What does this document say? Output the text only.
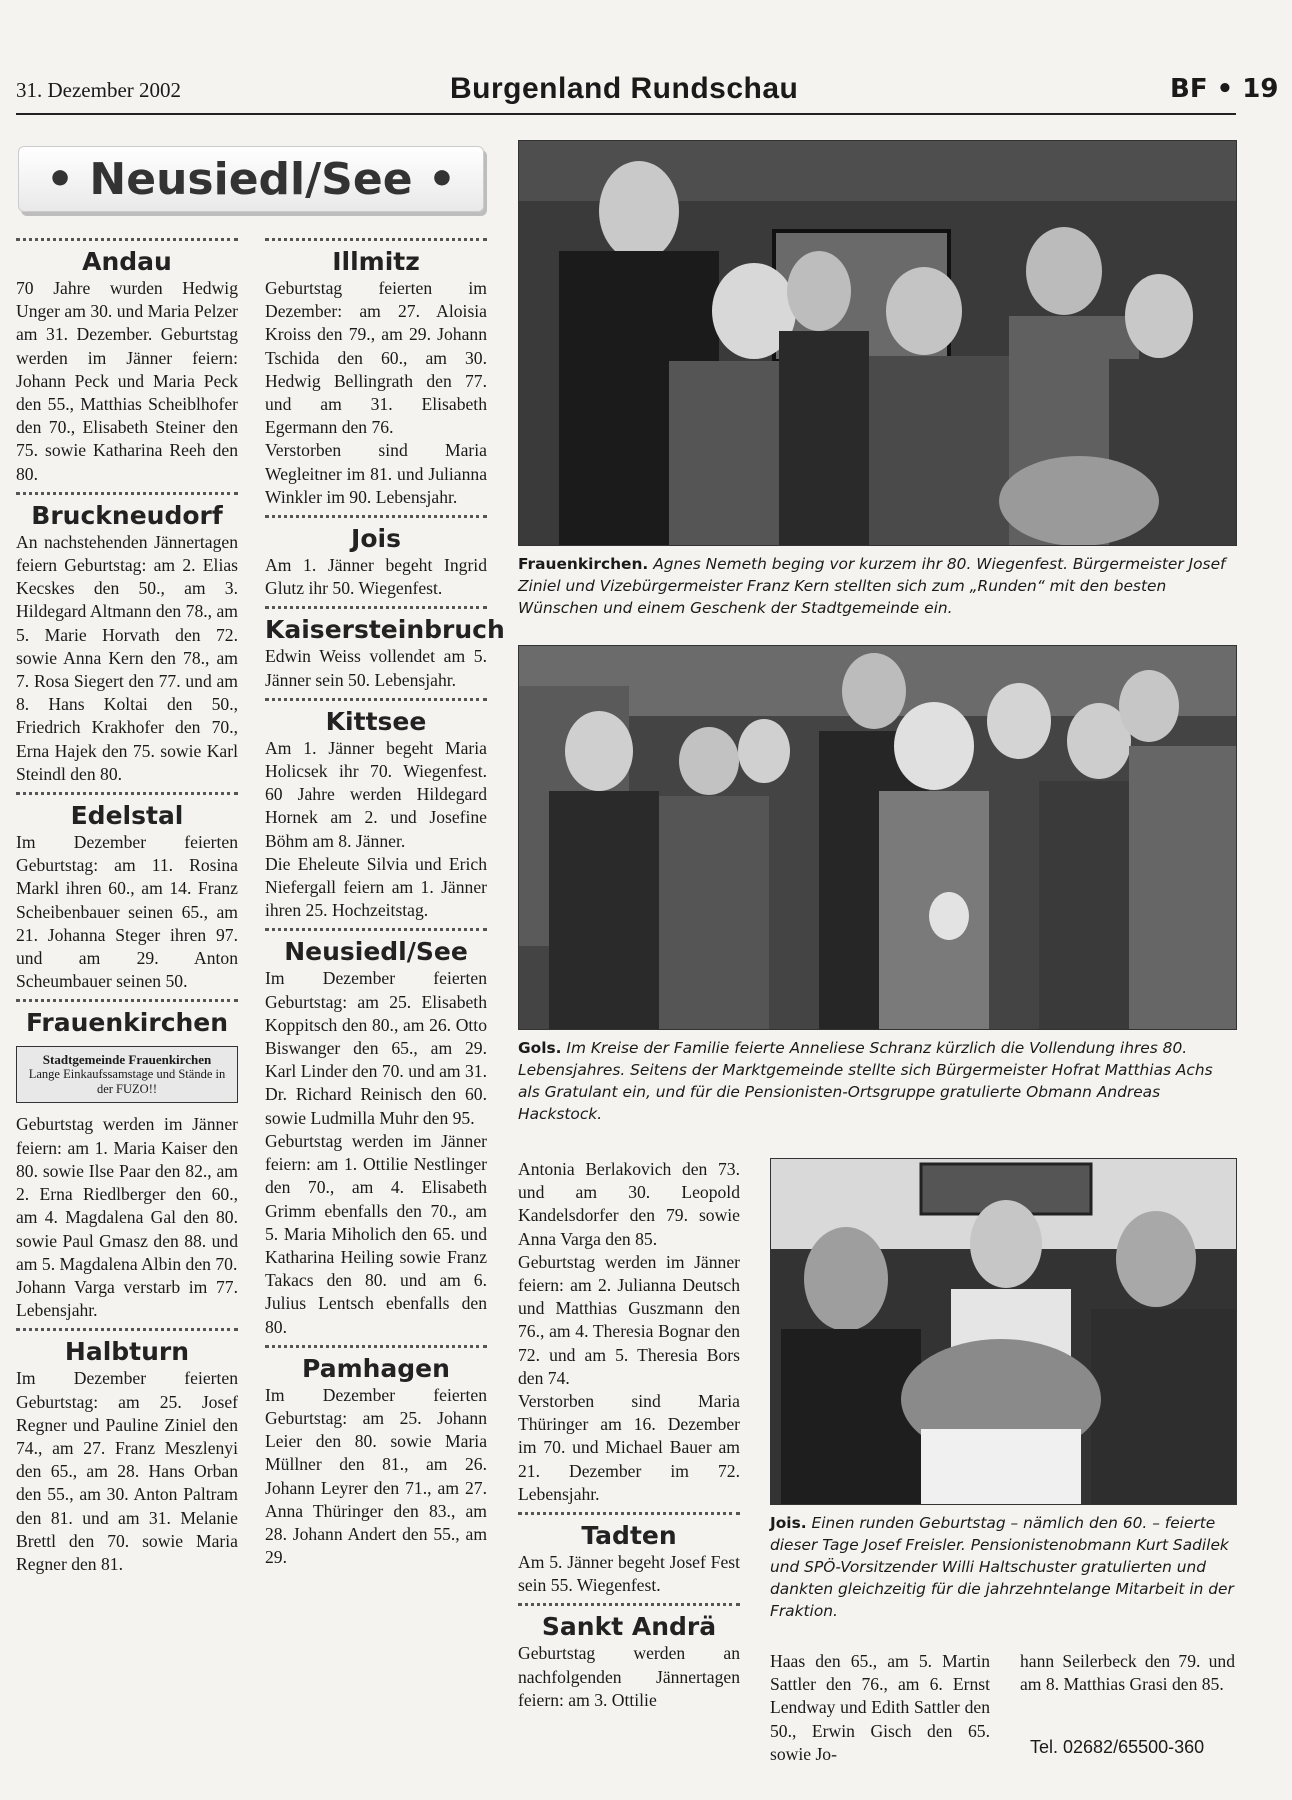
31. Dezember 2002	Burgenland Rundschau	BF • 19
• Neusiedl/See •
Andau

70 Jahre wurden Hedwig Unger am 30. und Maria Pelzer am 31. Dezember. Geburtstag werden im Jänner feiern: Johann Peck und Maria Peck den 55., Matthias Scheiblhofer den 70., Elisabeth Steiner den 75. sowie Katharina Reeh den 80.

Bruckneudorf

An nachstehenden Jännertagen feiern Geburtstag: am 2. Elias Kecskes den 50., am 3. Hildegard Altmann den 78., am 5. Marie Horvath den 72. sowie Anna Kern den 78., am 7. Rosa Siegert den 77. und am 8. Hans Koltai den 50., Friedrich Krakhofer den 70., Erna Hajek den 75. sowie Karl Steindl den 80.

Edelstal

Im Dezember feierten Geburtstag: am 11. Rosina Markl ihren 60., am 14. Franz Scheibenbauer seinen 65., am 21. Johanna Steger ihren 97. und am 29. Anton Scheumbauer seinen 50.

Frauenkirchen
Stadtgemeinde Frauenkirchen
Lange Einkaufssamstage und Stände in der FUZO!!

Geburtstag werden im Jänner feiern: am 1. Maria Kaiser den 80. sowie Ilse Paar den 82., am 2. Erna Riedlberger den 60., am 4. Magdalena Gal den 80. sowie Paul Gmasz den 88. und am 5. Magdalena Albin den 70.

Johann Varga verstarb im 77. Lebensjahr.

Halbturn

Im Dezember feierten Geburtstag: am 25. Josef Regner und Pauline Ziniel den 74., am 27. Franz Meszlenyi den 65., am 28. Hans Orban den 55., am 30. Anton Paltram den 81. und am 31. Melanie Brettl den 70. sowie Maria Regner den 81.

Illmitz

Geburtstag feierten im Dezember: am 27. Aloisia Kroiss den 79., am 29. Johann Tschida den 60., am 30. Hedwig Bellingrath den 77. und am 31. Elisabeth Egermann den 76.

Verstorben sind Maria Wegleitner im 81. und Julianna Winkler im 90. Lebensjahr.

Jois

Am 1. Jänner begeht Ingrid Glutz ihr 50. Wiegenfest.

Kaisersteinbruch

Edwin Weiss vollendet am 5. Jänner sein 50. Lebensjahr.

Kittsee

Am 1. Jänner begeht Maria Holicsek ihr 70. Wiegenfest. 60 Jahre werden Hildegard Hornek am 2. und Josefine Böhm am 8. Jänner.

Die Eheleute Silvia und Erich Niefergall feiern am 1. Jänner ihren 25. Hochzeitstag.

Neusiedl/See

Im Dezember feierten Geburtstag: am 25. Elisabeth Koppitsch den 80., am 26. Otto Biswanger den 65., am 29. Karl Linder den 70. und am 31. Dr. Richard Reinisch den 60. sowie Ludmilla Muhr den 95.

Geburtstag werden im Jänner feiern: am 1. Ottilie Nestlinger den 70., am 4. Elisabeth Grimm ebenfalls den 70., am 5. Maria Miholich den 65. und Katharina Heiling sowie Franz Takacs den 80. und am 6. Julius Lentsch ebenfalls den 80.

Pamhagen

Im Dezember feierten Geburtstag: am 25. Johann Leier den 80. sowie Maria Müllner den 81., am 26. Johann Leyrer den 71., am 27. Anna Thüringer den 83., am 28. Johann Andert den 55., am 29.

Frauenkirchen. Agnes Nemeth beging vor kurzem ihr 80. Wiegenfest. Bürgermeister Josef Ziniel und Vizebürgermeister Franz Kern stellten sich zum „Runden“ mit den besten Wünschen und einem Geschenk der Stadtgemeinde ein.
Gols. Im Kreise der Familie feierte Anneliese Schranz kürzlich die Vollendung ihres 80. Lebensjahres. Seitens der Marktgemeinde stellte sich Bürgermeister Hofrat Matthias Achs als Gratulant ein, und für die Pensionisten-Ortsgruppe gratulierte Obmann Andreas Hackstock.

Antonia Berlakovich den 73. und am 30. Leopold Kandelsdorfer den 79. sowie Anna Varga den 85.

Geburtstag werden im Jänner feiern: am 2. Julianna Deutsch und Matthias Guszmann den 76., am 4. Theresia Bognar den 72. und am 5. Theresia Bors den 74.

Verstorben sind Maria Thüringer am 16. Dezember im 70. und Michael Bauer am 21. Dezember im 72. Lebensjahr.

Tadten

Am 5. Jänner begeht Josef Fest sein 55. Wiegenfest.

Sankt Andrä

Geburtstag werden an nachfolgenden Jännertagen feiern: am 3. Ottilie

Jois. Einen runden Geburtstag – nämlich den 60. – feierte dieser Tage Josef Freisler. Pensionistenobmann Kurt Sadilek und SPÖ-Vorsitzender Willi Haltschuster gratulierten und dankten gleichzeitig für die jahrzehntelange Mitarbeit in der Fraktion.

Haas den 65., am 5. Martin Sattler den 76., am 6. Ernst Lendway und Edith Sattler den 50., Erwin Gisch den 65. sowie Jo-

hann Seilerbeck den 79. und am 8. Matthias Grasi den 85.

Tel. 02682/65500-360
